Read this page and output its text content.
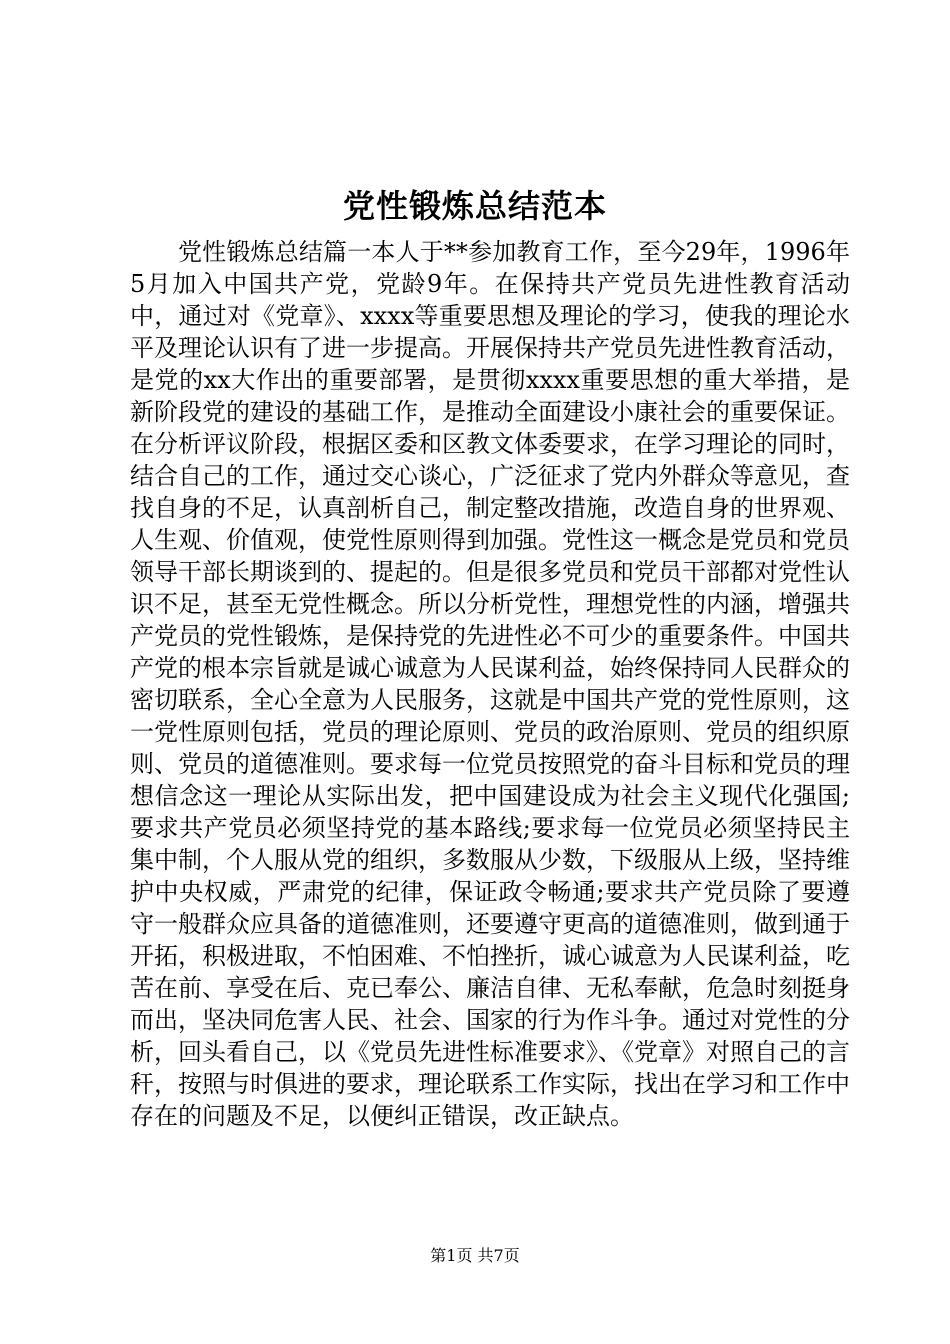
党性锻炼总结范本

党性锻炼总结篇一本人于**参加教育工作，至今29年，1996年5月加入中国共产党，党龄9年。在保持共产党员先进性教育活动中，通过对《党章》、xxxx等重要思想及理论的学习，使我的理论水平及理论认识有了进一步提高。开展保持共产党员先进性教育活动，是党的xx大作出的重要部署，是贯彻xxxx重要思想的重大举措，是新阶段党的建设的基础工作，是推动全面建设小康社会的重要保证。在分析评议阶段，根据区委和区教文体委要求，在学习理论的同时，结合自己的工作，通过交心谈心，广泛征求了党内外群众等意见，查找自身的不足，认真剖析自己，制定整改措施，改造自身的世界观、人生观、价值观，使党性原则得到加强。党性这一概念是党员和党员领导干部长期谈到的、提起的。但是很多党员和党员干部都对党性认识不足，甚至无党性概念。所以分析党性，理想党性的内涵，增强共产党员的党性锻炼，是保持党的先进性必不可少的重要条件。中国共产党的根本宗旨就是诚心诚意为人民谋利益，始终保持同人民群众的密切联系，全心全意为人民服务，这就是中国共产党的党性原则，这一党性原则包括，党员的理论原则、党员的政治原则、党员的组织原则、党员的道德准则。要求每一位党员按照党的奋斗目标和党员的理想信念这一理论从实际出发，把中国建设成为社会主义现代化强国;要求共产党员必须坚持党的基本路线;要求每一位党员必须坚持民主集中制，个人服从党的组织，多数服从少数，下级服从上级，坚持维护中央权威，严肃党的纪律，保证政令畅通;要求共产党员除了要遵守一般群众应具备的道德准则，还要遵守更高的道德准则，做到通于开拓，积极进取，不怕困难、不怕挫折，诚心诚意为人民谋利益，吃苦在前、享受在后、克已奉公、廉洁自律、无私奉献，危急时刻挺身而出，坚决同危害人民、社会、国家的行为作斗争。通过对党性的分析，回头看自己，以《党员先进性标准要求》、《党章》对照自己的言秆，按照与时俱进的要求，理论联系工作实际，找出在学习和工作中存在的问题及不足，以便纠正错误，改正缺点。

第1页 共7页
